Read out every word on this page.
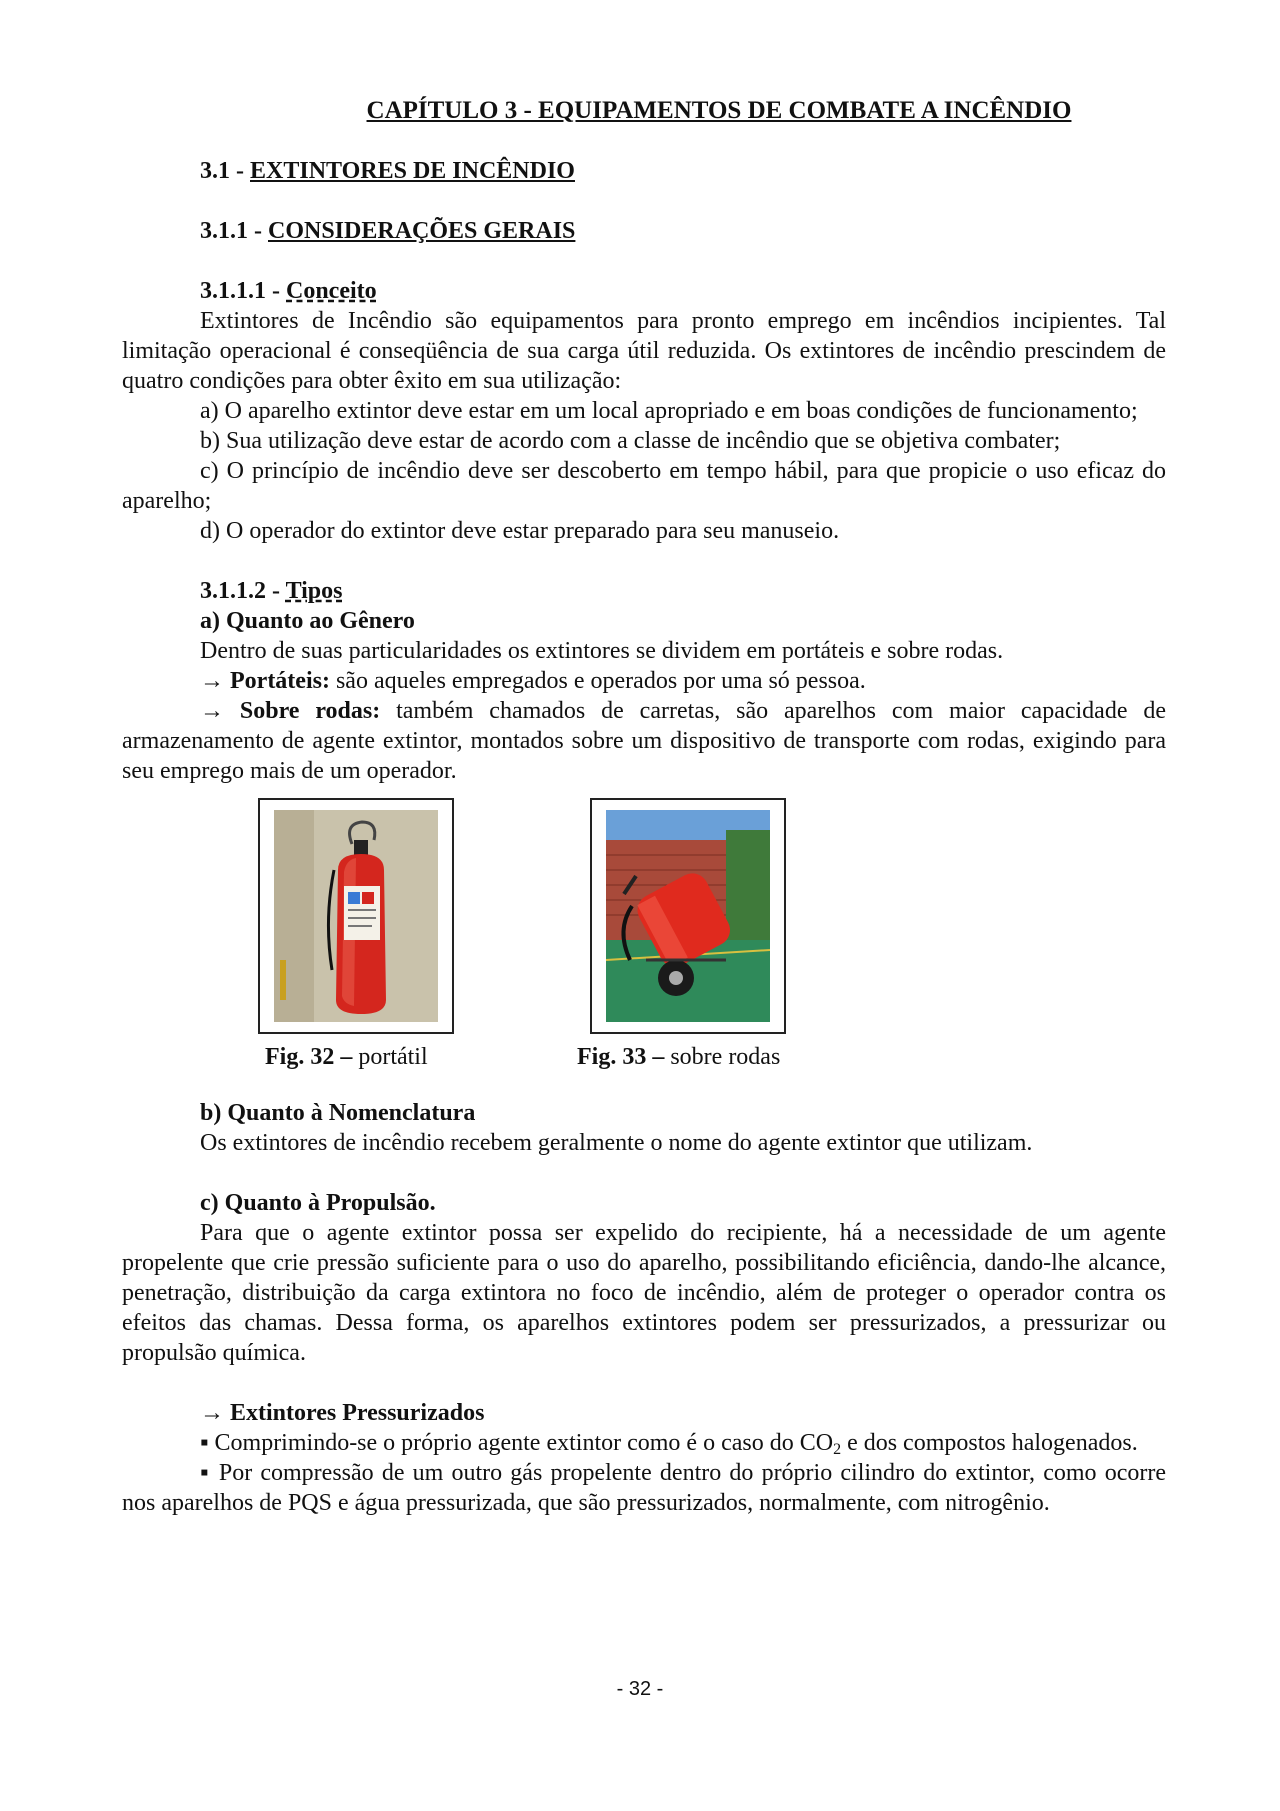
CAPÍTULO 3 - EQUIPAMENTOS DE COMBATE A INCÊNDIO
3.1 - EXTINTORES DE INCÊNDIO
3.1.1 - CONSIDERAÇÕES GERAIS
3.1.1.1 - Conceito

Extintores de Incêndio são equipamentos para pronto emprego em incêndios incipientes. Tal limitação operacional é conseqüência de sua carga útil reduzida. Os extintores de incêndio prescindem de quatro condições para obter êxito em sua utilização:

a) O aparelho extintor deve estar em um local apropriado e em boas condições de funcionamento;

b) Sua utilização deve estar de acordo com a classe de incêndio que se objetiva combater;

c) O princípio de incêndio deve ser descoberto em tempo hábil, para que propicie o uso eficaz do aparelho;

d) O operador do extintor deve estar preparado para seu manuseio.

3.1.1.2 - Tipos
a) Quanto ao Gênero

Dentro de suas particularidades os extintores se dividem em portáteis e sobre rodas.

→ Portáteis: são aqueles empregados e operados por uma só pessoa.

→ Sobre rodas: também chamados de carretas, são aparelhos com maior capacidade de armazenamento de agente extintor, montados sobre um dispositivo de transporte com rodas, exigindo para seu emprego mais de um operador.

Fig. 32 – portátil	Fig. 33 – sobre rodas
b) Quanto à Nomenclatura

Os extintores de incêndio recebem geralmente o nome do agente extintor que utilizam.

c) Quanto à Propulsão.

Para que o agente extintor possa ser expelido do recipiente, há a necessidade de um agente propelente que crie pressão suficiente para o uso do aparelho, possibilitando eficiência, dando-lhe alcance, penetração, distribuição da carga extintora no foco de incêndio, além de proteger o operador contra os efeitos das chamas. Dessa forma, os aparelhos extintores podem ser pressurizados, a pressurizar ou propulsão química.

→ Extintores Pressurizados

▪ Comprimindo-se o próprio agente extintor como é o caso do $CO_2$ e dos compostos halogenados.

▪ Por compressão de um outro gás propelente dentro do próprio cilindro do extintor, como ocorre nos aparelhos de PQS e água pressurizada, que são pressurizados, normalmente, com nitrogênio.

- 32 -
